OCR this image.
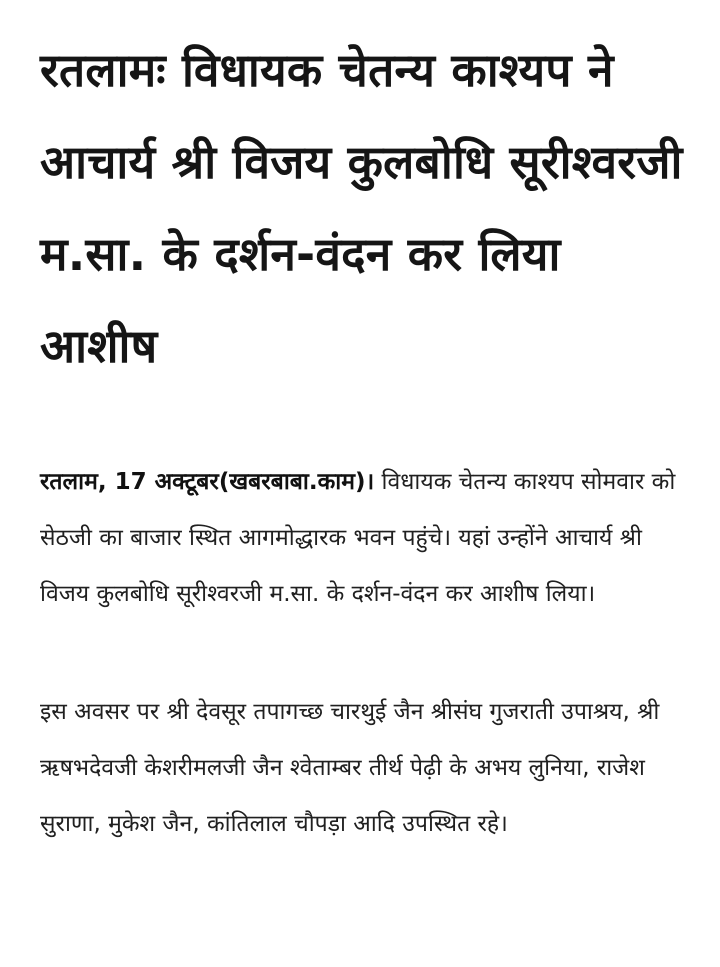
रतलामः विधायक चेतन्य काश्यप ने आचार्य श्री विजय कुलबोधि सूरीश्वरजी म.सा. के दर्शन-वंदन कर लिया आशीष

रतलाम, 17 अक्टूबर(खबरबाबा.काम)। विधायक चेतन्य काश्यप सोमवार को सेठजी का बाजार स्थित आगमोद्धारक भवन पहुंचे। यहां उन्होंने आचार्य श्री विजय कुलबोधि सूरीश्वरजी म.सा. के दर्शन-वंदन कर आशीष लिया।

इस अवसर पर श्री देवसूर तपागच्छ चारथुई जैन श्रीसंघ गुजराती उपाश्रय, श्री ऋषभदेवजी केशरीमलजी जैन श्वेताम्बर तीर्थ पेढ़ी के अभय लुनिया, राजेश सुराणा, मुकेश जैन, कांतिलाल चौपड़ा आदि उपस्थित रहे।
